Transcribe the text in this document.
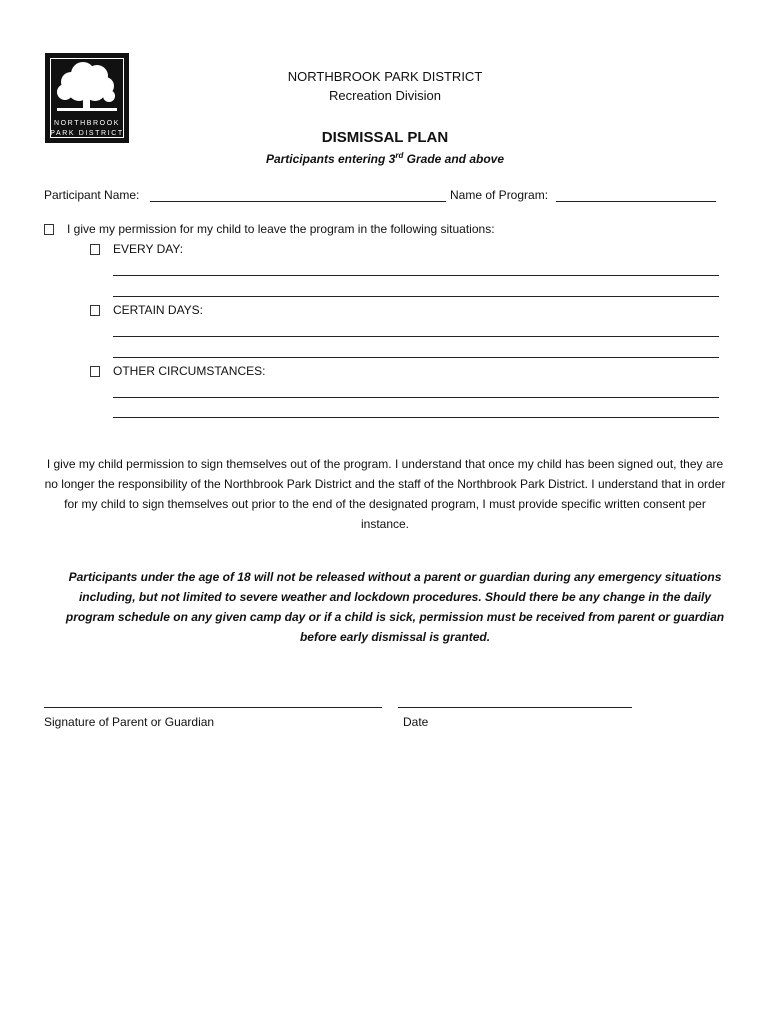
NORTHBROOK
PARK DISTRICT
NORTHBROOK PARK DISTRICT
Recreation Division
DISMISSAL PLAN
Participants entering 3rd Grade and above
Participant Name:	Name of Program:
I give my permission for my child to leave the program in the following situations:
EVERY DAY:
CERTAIN DAYS:
OTHER CIRCUMSTANCES:
I give my child permission to sign themselves out of the program. I understand that once my child has been signed out, they are no longer the responsibility of the Northbrook Park District and the staff of the Northbrook Park District. I understand that in order for my child to sign themselves out prior to the end of the designated program, I must provide specific written consent per instance.
Participants under the age of 18 will not be released without a parent or guardian during any emergency situations including, but not limited to severe weather and lockdown procedures. Should there be any change in the daily program schedule on any given camp day or if a child is sick, permission must be received from parent or guardian before early dismissal is granted.
Signature of Parent or Guardian	Date
